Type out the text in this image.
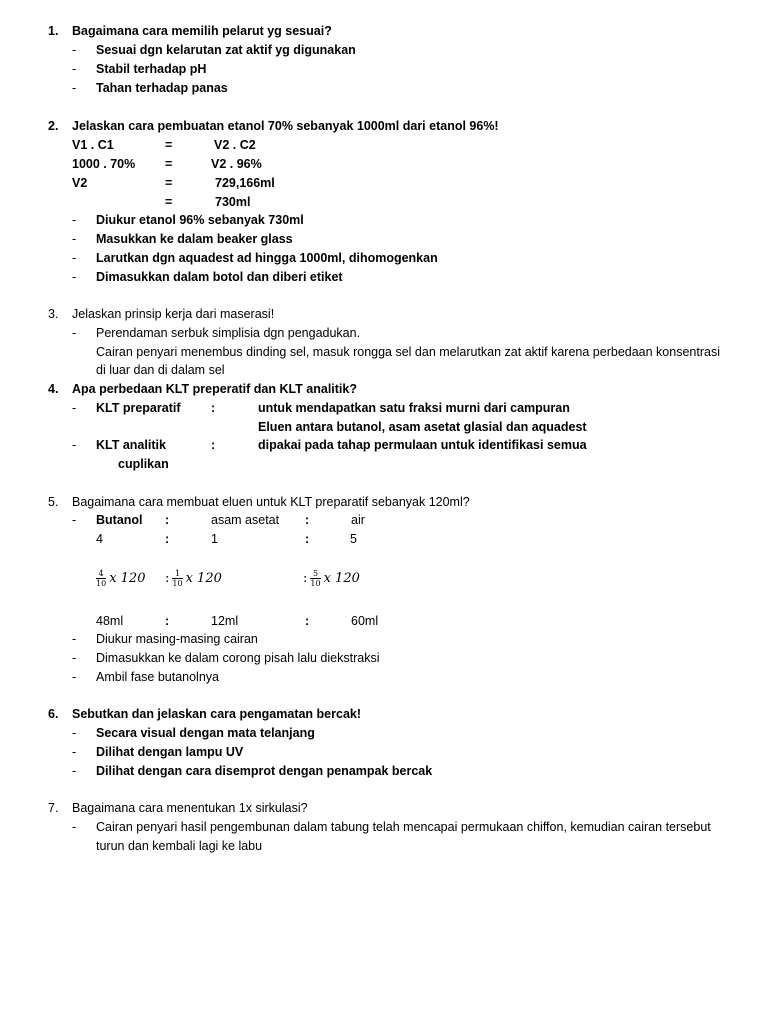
1. Bagaimana cara memilih pelarut yg sesuai?
- Sesuai dgn kelarutan zat aktif yg digunakan
- Stabil terhadap pH
- Tahan terhadap panas
2. Jelaskan cara pembuatan etanol 70% sebanyak 1000ml dari etanol 96%!
V1 . C1	=	V2 . C2
1000 . 70% =	V2 . 96%
V2	=	729,166ml
=	730ml
- Diukur etanol 96% sebanyak 730ml
- Masukkan ke dalam beaker glass
- Larutkan dgn aquadest ad hingga 1000ml, dihomogenkan
- Dimasukkan dalam botol dan diberi etiket
3. Jelaskan prinsip kerja dari maserasi!
- Perendaman serbuk simplisia dgn pengadukan.
Cairan penyari menembus dinding sel, masuk rongga sel dan melarutkan zat aktif karena perbedaan konsentrasi
di luar dan di dalam sel
4. Apa perbedaan KLT preperatif dan KLT analitik?
- KLT preparatif :	untuk mendapatkan satu fraksi murni dari campuran
Eluen antara butanol, asam asetat glasial dan aquadest
- KLT analitik	:	dipakai pada tahap permulaan untuk identifikasi semua
cuplikan
5. Bagaimana cara membuat eluen untuk KLT preparatif sebanyak 120ml?
- Butanol :	asam asetat :	air
4	:	1	:	5
$\frac{4}{10}$ x 120 : $\frac{1}{10}$ x 120	: $\frac{5}{10}$ x 120
48ml	:	12ml	:	60ml
- Diukur masing-masing cairan
- Dimasukkan ke dalam corong pisah lalu diekstraksi
- Ambil fase butanolnya
6. Sebutkan dan jelaskan cara pengamatan bercak!
- Secara visual dengan mata telanjang
- Dilihat dengan lampu UV
- Dilihat dengan cara disemprot dengan penampak bercak
7. Bagaimana cara menentukan 1x sirkulasi?
- Cairan penyari hasil pengembunan dalam tabung telah mencapai permukaan chiffon, kemudian cairan tersebut
turun dan kembali lagi ke labu
